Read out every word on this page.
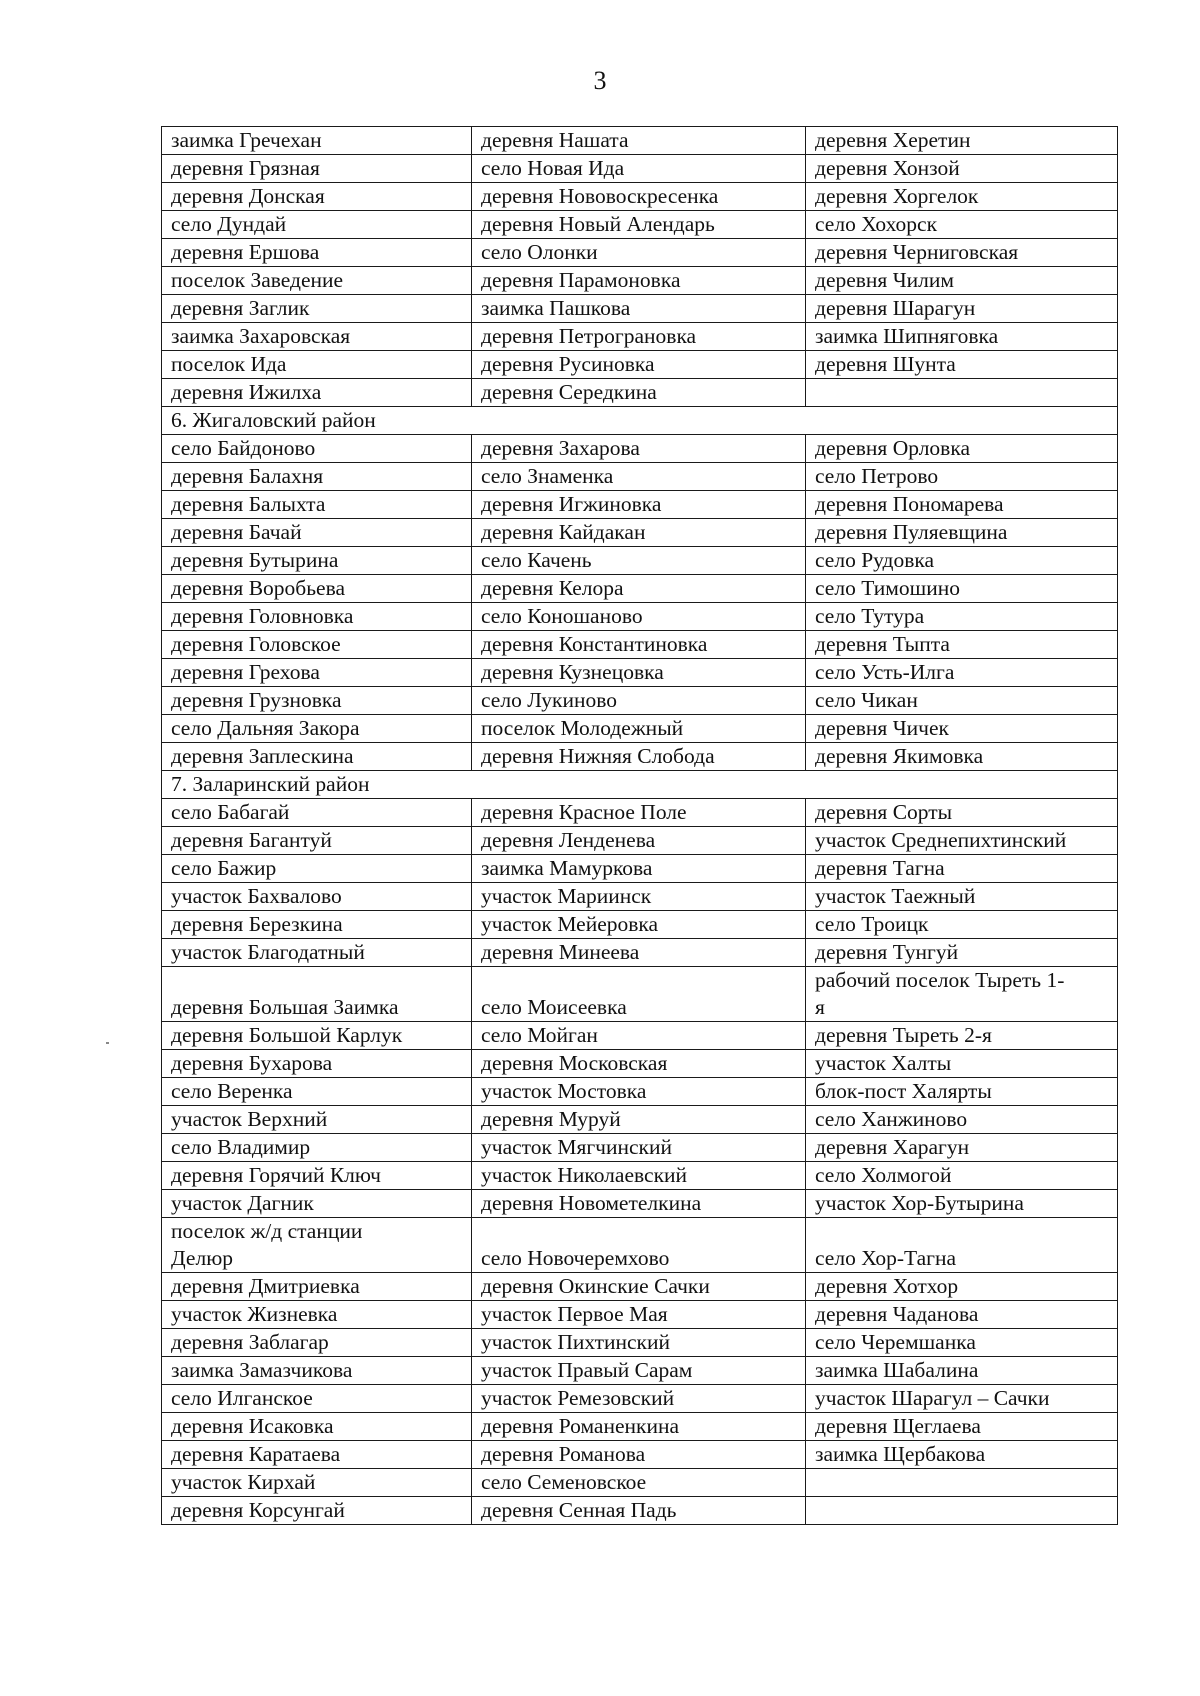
3
заимка Гречехан	деревня Нашата	деревня Херетин
деревня Грязная	село Новая Ида	деревня Хонзой
деревня Донская	деревня Нововоскресенка	деревня Хоргелок
село Дундай	деревня Новый Алендарь	село Хохорск
деревня Ершова	село Олонки	деревня Черниговская
поселок Заведение	деревня Парамоновка	деревня Чилим
деревня Заглик	заимка Пашкова	деревня Шарагун
заимка Захаровская	деревня Петрограновка	заимка Шипняговка
поселок Ида	деревня Русиновка	деревня Шунта
деревня Ижилха	деревня Середкина	
6. Жигаловский район		
село Байдоново	деревня Захарова	деревня Орловка
деревня Балахня	село Знаменка	село Петрово
деревня Балыхта	деревня Игжиновка	деревня Пономарева
деревня Бачай	деревня Кайдакан	деревня Пуляевщина
деревня Бутырина	село Качень	село Рудовка
деревня Воробьева	деревня Келора	село Тимошино
деревня Головновка	село Коношаново	село Тутура
деревня Головское	деревня Константиновка	деревня Тыпта
деревня Грехова	деревня Кузнецовка	село Усть-Илга
деревня Грузновка	село Лукиново	село Чикан
село Дальняя Закора	поселок Молодежный	деревня Чичек
деревня Заплескина	деревня Нижняя Слобода	деревня Якимовка
7. Заларинский район		
село Бабагай	деревня Красное Поле	деревня Сорты
деревня Багантуй	деревня Ленденева	участок Среднепихтинский
село Бажир	заимка Мамуркова	деревня Тагна
участок Бахвалово	участок Мариинск	участок Таежный
деревня Березкина	участок Мейеровка	село Троицк
участок Благодатный	деревня Минеева	деревня Тунгуй
деревня Большая Заимка	село Моисеевка	рабочий поселок Тыреть 1-
я
деревня Большой Карлук	село Мойган	деревня Тыреть 2-я
деревня Бухарова	деревня Московская	участок Халты
село Веренка	участок Мостовка	блок-пост Халярты
участок Верхний	деревня Муруй	село Ханжиново
село Владимир	участок Мягчинский	деревня Харагун
деревня Горячий Ключ	участок Николаевский	село Холмогой
участок Дагник	деревня Новометелкина	участок Хор-Бутырина
поселок ж/д станции
Делюр	село Новочеремхово	село Хор-Тагна
деревня Дмитриевка	деревня Окинские Сачки	деревня Хотхор
участок Жизневка	участок Первое Мая	деревня Чаданова
деревня Заблагар	участок Пихтинский	село Черемшанка
заимка Замазчикова	участок Правый Сарам	заимка Шабалина
село Илганское	участок Ремезовский	участок Шарагул – Сачки
деревня Исаковка	деревня Романенкина	деревня Щеглаева
деревня Каратаева	деревня Романова	заимка Щербакова
участок Кирхай	село Семеновское	
деревня Корсунгай	деревня Сенная Падь	
